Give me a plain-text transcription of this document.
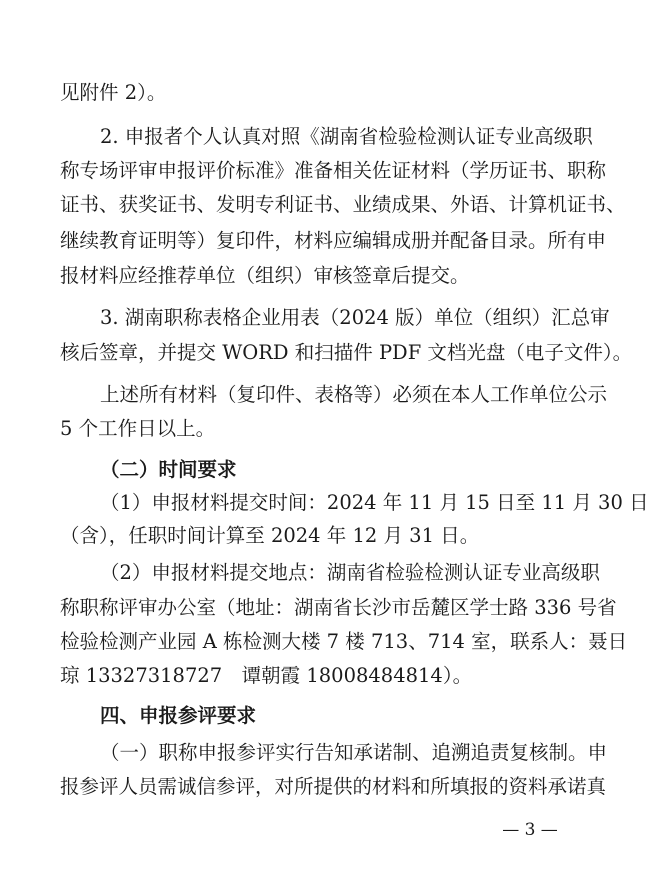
见附件 2）。
2. 申报者个人认真对照《湖南省检验检测认证专业高级职
称专场评审申报评价标准》准备相关佐证材料（学历证书、职称
证书、获奖证书、发明专利证书、业绩成果、外语、计算机证书、
继续教育证明等）复印件，材料应编辑成册并配备目录。所有申
报材料应经推荐单位（组织）审核签章后提交。
3. 湖南职称表格企业用表（2024 版）单位（组织）汇总审
核后签章，并提交 WORD 和扫描件 PDF 文档光盘（电子文件）。
上述所有材料（复印件、表格等）必须在本人工作单位公示
5 个工作日以上。
（二）时间要求
（1）申报材料提交时间：2024 年 11 月 15 日至 11 月 30 日
（含），任职时间计算至 2024 年 12 月 31 日。
（2）申报材料提交地点：湖南省检验检测认证专业高级职
称职称评审办公室（地址：湖南省长沙市岳麓区学士路 336 号省
检验检测产业园 A 栋检测大楼 7 楼 713、714 室，联系人：聂日
琼 13327318727　谭朝霞 18008484814）。
四、申报参评要求
（一）职称申报参评实行告知承诺制、追溯追责复核制。申
报参评人员需诚信参评，对所提供的材料和所填报的资料承诺真
— 3 —
